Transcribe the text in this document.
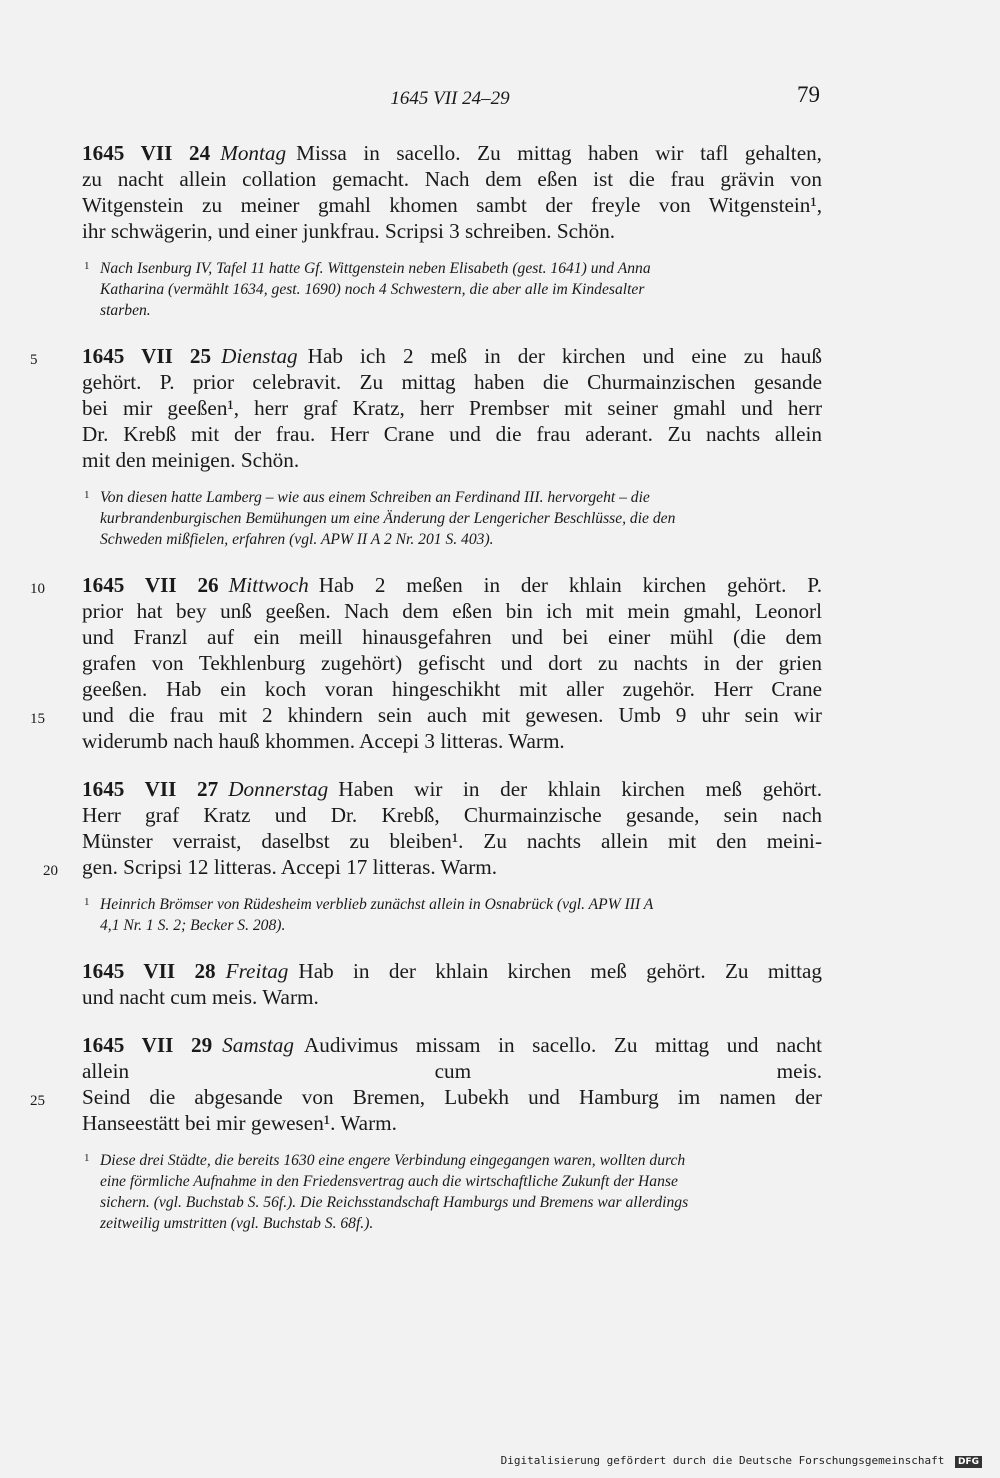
1645 VII 24–29	79

1645 VII 24 Montag Missa in sacello. Zu mittag haben wir tafl gehalten,

zu nacht allein collation gemacht. Nach dem eßen ist die frau grävin von

Witgenstein zu meiner gmahl khomen sambt der freyle von Witgenstein¹,

ihr schwägerin, und einer junkfrau. Scripsi 3 schreiben. Schön.

1 Nach Isenburg IV, Tafel 11 hatte Gf. Wittgenstein neben Elisabeth (gest. 1641) und Anna
Katharina (vermählt 1634, gest. 1690) noch 4 Schwestern, die aber alle im Kindesalter
starben.

5	1645 VII 25 Dienstag Hab ich 2 meß in der kirchen und eine zu hauß

gehört. P. prior celebravit. Zu mittag haben die Churmainzischen gesande

bei mir geeßen¹, herr graf Kratz, herr Prembser mit seiner gmahl und herr

Dr. Krebß mit der frau. Herr Crane und die frau aderant. Zu nachts allein

mit den meinigen. Schön.

1 Von diesen hatte Lamberg – wie aus einem Schreiben an Ferdinand III. hervorgeht – die
kurbrandenburgischen Bemühungen um eine Änderung der Lengericher Beschlüsse, die den
Schweden mißfielen, erfahren (vgl. APW II A 2 Nr. 201 S. 403).

10	1645 VII 26 Mittwoch Hab 2 meßen in der khlain kirchen gehört. P.

prior hat bey unß geeßen. Nach dem eßen bin ich mit mein gmahl, Leonorl

und Franzl auf ein meill hinausgefahren und bei einer mühl (die dem

grafen von Tekhlenburg zugehört) gefischt und dort zu nachts in der grien

geeßen. Hab ein koch voran hingeschikht mit aller zugehör. Herr Crane

15	und die frau mit 2 khindern sein auch mit gewesen. Umb 9 uhr sein wir

widerumb nach hauß khommen. Accepi 3 litteras. Warm.

1645 VII 27 Donnerstag Haben wir in der khlain kirchen meß gehört.

Herr graf Kratz und Dr. Krebß, Churmainzische gesande, sein nach

Münster verraist, daselbst zu bleiben¹. Zu nachts allein mit den meini-

20 gen. Scripsi 12 litteras. Accepi 17 litteras. Warm.

1 Heinrich Brömser von Rüdesheim verblieb zunächst allein in Osnabrück (vgl. APW III A
4,1 Nr. 1 S. 2; Becker S. 208).

1645 VII 28 Freitag Hab in der khlain kirchen meß gehört. Zu mittag

und nacht cum meis. Warm.

1645 VII 29 Samstag Audivimus missam in sacello. Zu mittag und nacht

allein cum meis.

25	Seind die abgesande von Bremen, Lubekh und Hamburg im namen der

Hanseestätt bei mir gewesen¹. Warm.

1 Diese drei Städte, die bereits 1630 eine engere Verbindung eingegangen waren, wollten durch
eine förmliche Aufnahme in den Friedensvertrag auch die wirtschaftliche Zukunft der Hanse
sichern. (vgl. Buchstab S. 56f.). Die Reichsstandschaft Hamburgs und Bremens war allerdings
zeitweilig umstritten (vgl. Buchstab S. 68f.).
Digitalisierung gefördert durch die Deutsche Forschungsgemeinschaft DFG
